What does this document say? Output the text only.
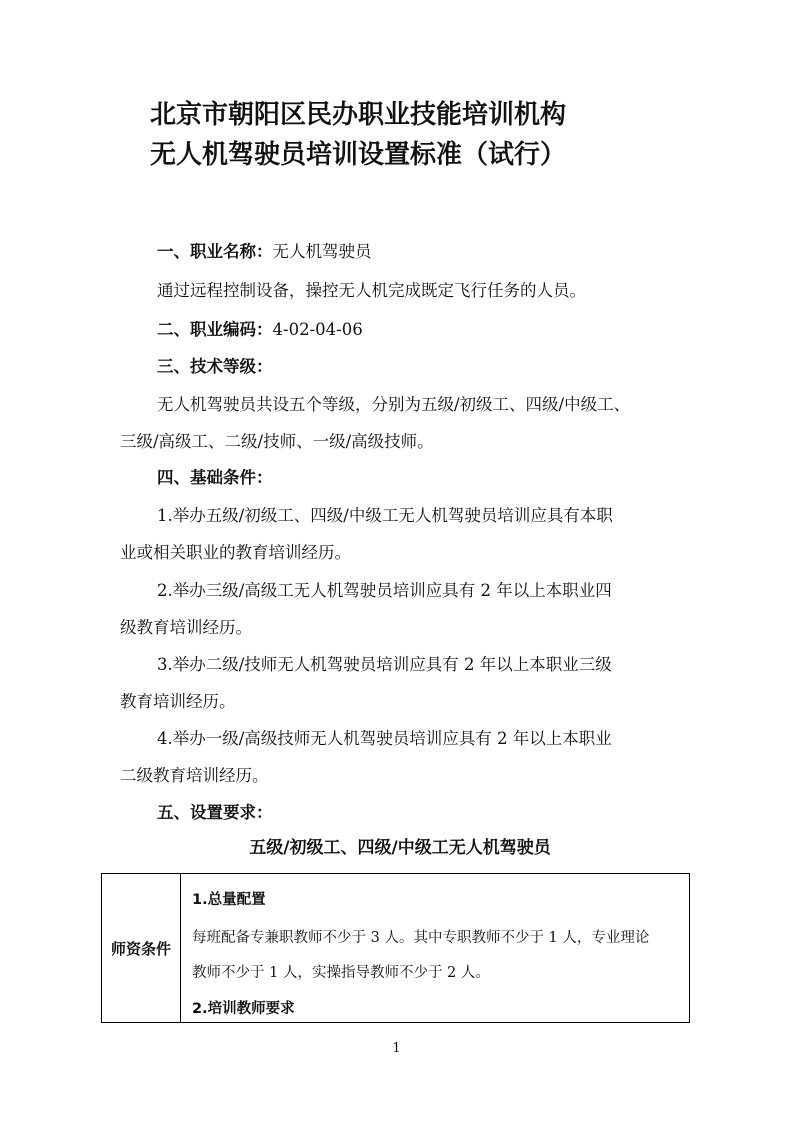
北京市朝阳区民办职业技能培训机构
无人机驾驶员培训设置标准（试行）

一、职业名称：无人机驾驶员

通过远程控制设备，操控无人机完成既定飞行任务的人员。

二、职业编码：4-02-04-06

三、技术等级：

无人机驾驶员共设五个等级，分别为五级/初级工、四级/中级工、

三级/高级工、二级/技师、一级/高级技师。

四、基础条件：

1.举办五级/初级工、四级/中级工无人机驾驶员培训应具有本职

业或相关职业的教育培训经历。

2.举办三级/高级工无人机驾驶员培训应具有 2 年以上本职业四

级教育培训经历。

3.举办二级/技师无人机驾驶员培训应具有 2 年以上本职业三级

教育培训经历。

4.举办一级/高级技师无人机驾驶员培训应具有 2 年以上本职业

二级教育培训经历。

五、设置要求：

五级/初级工、四级/中级工无人机驾驶员

师资条件
1.总量配置
每班配备专兼职教师不少于 3 人。其中专职教师不少于 1 人，专业理论
教师不少于 1 人，实操指导教师不少于 2 人。
2.培训教师要求
1
